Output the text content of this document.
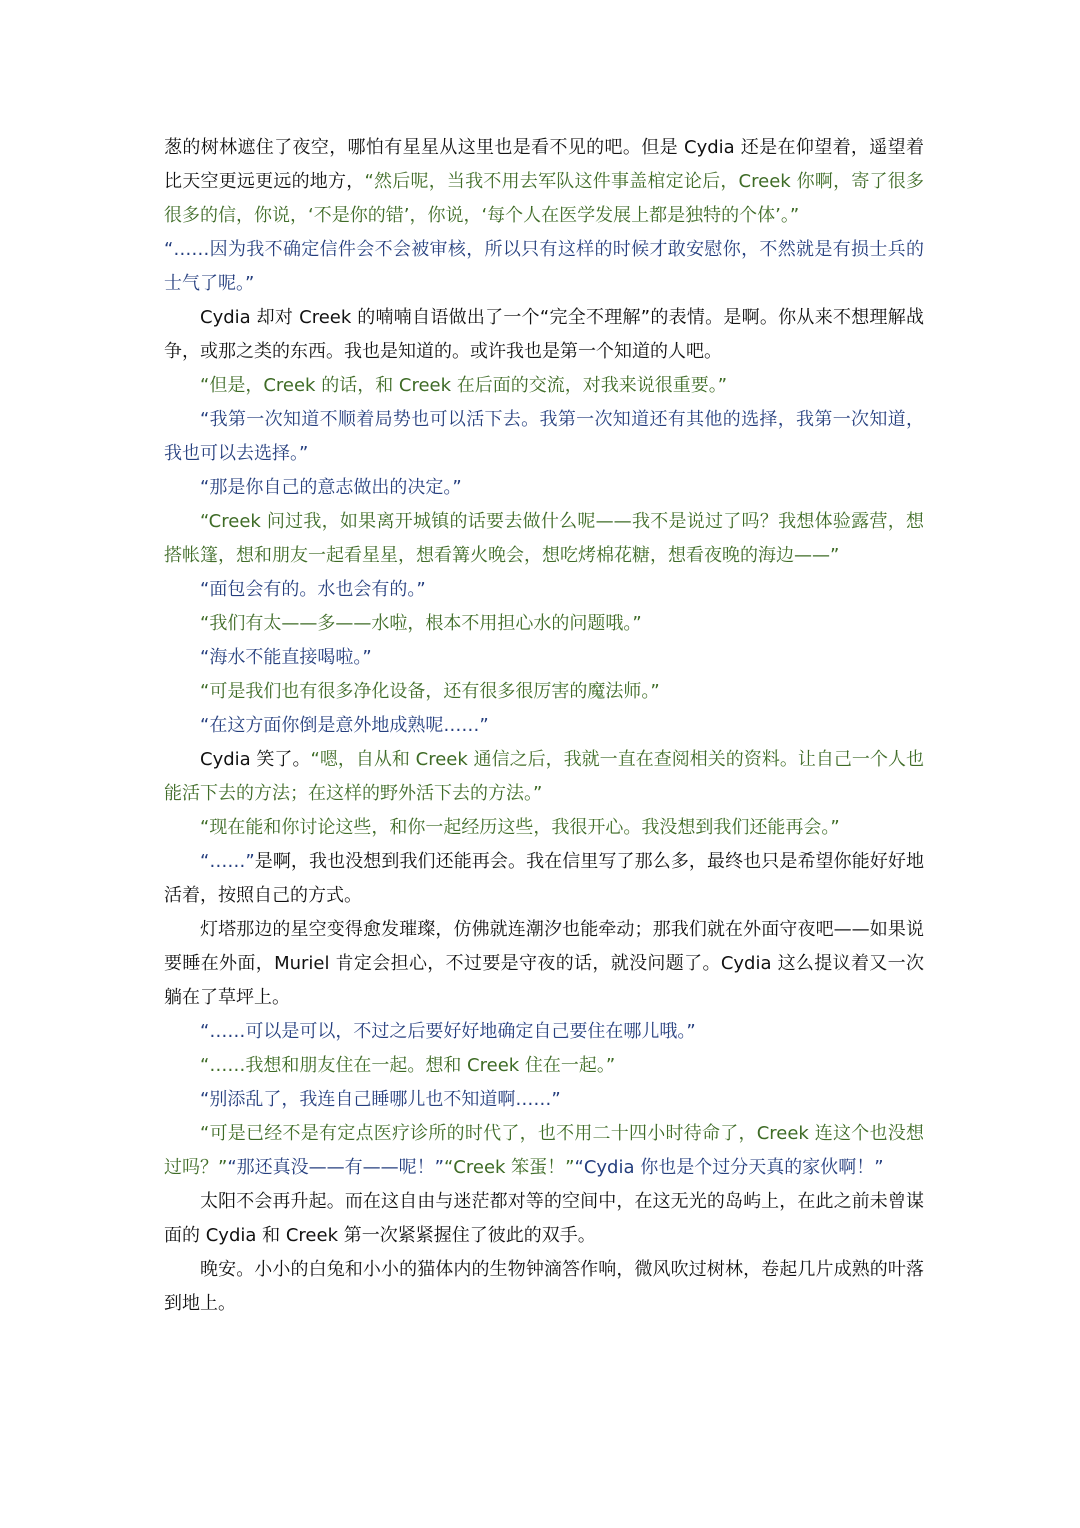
葱的树林遮住了夜空，哪怕有星星从这里也是看不见的吧。但是 Cydia 还是在仰望着，遥望着比天空更远更远的地方，“然后呢，当我不用去军队这件事盖棺定论后，Creek 你啊，寄了很多很多的信，你说，‘不是你的错’，你说，‘每个人在医学发展上都是独特的个体’。”

“……因为我不确定信件会不会被审核，所以只有这样的时候才敢安慰你，不然就是有损士兵的士气了呢。”

Cydia 却对 Creek 的喃喃自语做出了一个“完全不理解”的表情。是啊。你从来不想理解战争，或那之类的东西。我也是知道的。或许我也是第一个知道的人吧。

“但是，Creek 的话，和 Creek 在后面的交流，对我来说很重要。”

“我第一次知道不顺着局势也可以活下去。我第一次知道还有其他的选择，我第一次知道，我也可以去选择。”

“那是你自己的意志做出的决定。”

“Creek 问过我，如果离开城镇的话要去做什么呢——我不是说过了吗？我想体验露营，想搭帐篷，想和朋友一起看星星，想看篝火晚会，想吃烤棉花糖，想看夜晚的海边——”

“面包会有的。水也会有的。”

“我们有太——多——水啦，根本不用担心水的问题哦。”

“海水不能直接喝啦。”

“可是我们也有很多净化设备，还有很多很厉害的魔法师。”

“在这方面你倒是意外地成熟呢……”

Cydia 笑了。“嗯，自从和 Creek 通信之后，我就一直在查阅相关的资料。让自己一个人也能活下去的方法；在这样的野外活下去的方法。”

“现在能和你讨论这些，和你一起经历这些，我很开心。我没想到我们还能再会。”

“……”是啊，我也没想到我们还能再会。我在信里写了那么多，最终也只是希望你能好好地活着，按照自己的方式。

灯塔那边的星空变得愈发璀璨，仿佛就连潮汐也能牵动；那我们就在外面守夜吧——如果说要睡在外面，Muriel 肯定会担心，不过要是守夜的话，就没问题了。Cydia 这么提议着又一次躺在了草坪上。

“……可以是可以，不过之后要好好地确定自己要住在哪儿哦。”

“……我想和朋友住在一起。想和 Creek 住在一起。”

“别添乱了，我连自己睡哪儿也不知道啊……”

“可是已经不是有定点医疗诊所的时代了，也不用二十四小时待命了，Creek 连这个也没想过吗？”“那还真没——有——呢！”“Creek 笨蛋！”“Cydia 你也是个过分天真的家伙啊！”

太阳不会再升起。而在这自由与迷茫都对等的空间中，在这无光的岛屿上，在此之前未曾谋面的 Cydia 和 Creek 第一次紧紧握住了彼此的双手。

晚安。小小的白兔和小小的猫体内的生物钟滴答作响，微风吹过树林，卷起几片成熟的叶落到地上。
